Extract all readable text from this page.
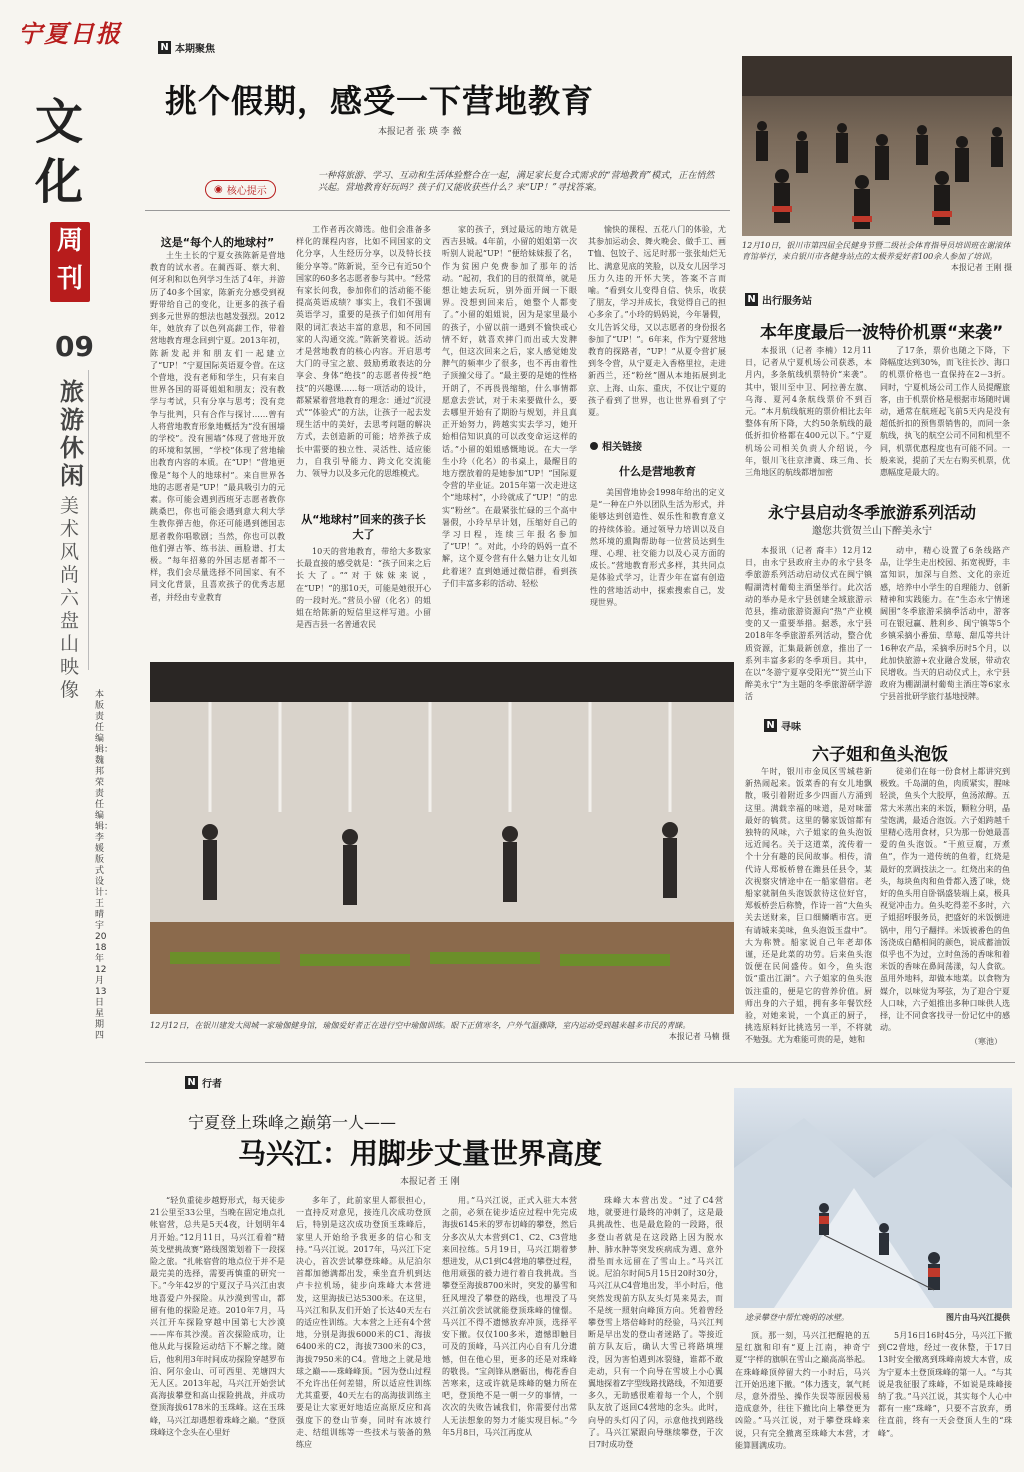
宁夏日报
文化
周刊
09
旅游休闲
美术风尚 六盘山 映像	本版责任编辑：魏邦荣 责任编辑：李 媛 版式设计：王晴宇 2018年12月13日 星期四
N 本期聚焦
挑个假期，感受一下营地教育
本报记者 张 瑛 李 薇
◉ 核心提示
一种将旅游、学习、互动和生活体验整合在一起，满足家长复合式需求的“营地教育”模式，正在悄然兴起。营地教育好玩吗？孩子们又能收获些什么？来“UP！”寻找答案。
这是“每个人的地球村”

土生土长的宁夏女孩陈新是营地教育的试水者。在蔺西哥、蔡大利、何牙利和以色列学习生活了4年，并游历了40多个国家，陈新充分感受到视野带给自己的变化，让更多的孩子看到多元世界的想法也越发强烈。2012年，她放弃了以色列高薪工作，带着营地教育理念回到宁夏。2013年初，陈新发起并和朋友们一起建立了“UP！”宁夏国际英语夏令营。在这个营地，没有老师和学生，只有来自世界各国的哥哥姐姐和朋友；没有教学与考试，只有分享与思考；没有竞争与批判，只有合作与探讨……曾有人将营地教育形象地概括为“没有围墙的学校”。没有围墙”体现了营地开放的环境和氛围，“学校”体现了营地输出教育内容的本质。在“UP！”营地更像是“每个人的地球村”。来自世界各地的志愿者是“UP！”最具吸引力的元素。你可能会遇到西班牙志愿者教你跳桑巴，你也可能会遇到意大利大学生教你弹吉他，你还可能遇到德国志愿者教你唱歌剧；当然，你也可以教他们弹古筝、练书法、画脸谱、打太极。“每年招募的外国志愿者都不一样，我们会尽量选择不同国家、有不同文化背景，且喜欢孩子的优秀志愿者，并经由专业教育

工作者再次筛选。他们会准备多样化的课程内容，比如不同国家的文化分享，人生经历分享，以及特长技能分享等。”陈新说，至今已有近50个国家的60多名志愿者参与其中。“经常有家长问我，参加你们的活动能不能提高英语成绩？事实上，我们不强调英语学习，重要的是孩子们如何用有限的词汇表达丰富的意思，和不同国家的人沟通交流。”陈新笑着说。活动才是营地教育的核心内容。开启思考大门的寻宝之旅、鼓励勇敢表达的分享会、身体“绝技”的志愿者传授“绝技”的兴趣课……每一项活动的设计，都紧紧着营地教育的理念：通过“沉浸式”“体验式”的方法，让孩子一起去发现生活中的美好，去思考问题的解决方式，去创造新的可能；培养孩子成长中需要的独立性、灵活性、适应能力，自我引导能力、跨文化交流能力、领导力以及多元化的思维模式。

从“地球村”回来的孩子长大了

10天的营地教育，带给大多数家长最直接的感受就是：“孩子回来之后长大了。”“对于妹妹来说，在“UP！”的那10天，可能是她很开心的一段时光。”营员小留（化名）的姐姐在给陈新的短信里这样写道。小留是西吉县一名普通农民

家的孩子，到过最远的地方就是西吉县城。4年前，小留的姐姐第一次听别人说起“UP！”便给妹妹报了名，作为贫困户免费参加了那年的活动。“起初，我们的目的很简单，就是想让她去玩玩，别外面开阔一下眼界。没想到回来后，她整个人都变了。”小留的姐姐说，因为是家里最小的孩子，小留以前一遇到不愉快或心情不好，就喜欢摔门而出或大发脾气，但这次回来之后，家人感觉她发脾气的频率少了很多，也不再由着性子顶撞父母了。“最主要的是她的性格开朗了，不再畏畏缩缩，什么事情都愿意去尝试，对于未来要做什么，要去哪里开始有了期盼与规划，并且真正开始努力，跨越实实去学习，她开始相信知识真的可以改变命运这样的话。”小留的姐姐感慨地说。在大一学生小玲（化名）的书桌上，最醒目的地方摆放着的是她参加“UP！”国际夏令营的毕业证。2015年第一次走进这个“地球村”，小玲就成了“UP！”的忠实“粉丝”。在最紧张忙碌的三个高中暑假，小玲早早计划，压缩好自己的学习日程，连续三年报名参加了“UP！”。对此，小玲的妈妈一直不解，这个夏令营有什么魅力让女儿如此着迷？直到她通过微信群，看到孩子们丰富多彩的活动、轻松

愉快的课程、五花八门的体验，尤其参加运动会、舞火晚会、做手工、画T恤、包饺子、远足时那一张张灿烂无比、满意见底的笑脸，以及女儿因学习压力久违的开怀大笑，答案不言而喻。“看到女儿变得自信、快乐，收获了朋友，学习并成长，我觉得自己的担心多余了。”小玲的妈妈说，今年暑假，女儿告诉父母，又以志愿者的身份报名参加了“UP！”。6年来，作为宁夏营地教育的探路者，“UP！”从夏令营扩展到冬令营，从宁夏走入香格里拉，走进新西兰，还“粉丝”圈从本地拓展到北京、上海、山东、重庆，不仅让宁夏的孩子看到了世界，也让世界看到了宁夏。

相关链接
什么是营地教育

美国营地协会1998年给出的定义是“一种在户外以团队生活为形式，并能够达到创造性、娱乐性和教育意义的持续体验。通过领导力培训以及自然环境的熏陶帮助每一位营员达到生理、心理、社交能力以及心灵方面的成长。”营地教育形式多样，其共同点是体验式学习，让青少年在富有创造性的营地活动中，探索搜索自己，发现世界。

12月10日，银川市第四届全民健身节暨二级社会体育指导员培训班在谢滚体育馆举行，来自银川市各健身站点的太极养爱好者100余人参加了培训。
本报记者 王刚 摄
N 出行服务站
本年度最后一波特价机票“来袭”

本报讯（记者 李楠）12月11日，记者从宁夏机场公司获悉，本月内，多条航线机票特价“来袭”。其中，银川至中卫、阿拉善左旗、乌海、夏河4条航线票价不到百元。“本月航线航班的票价相比去年整体有所下降，大约50条航线的最低折扣价格都在400元以下。”宁夏机场公司相关负责人介绍说，今年，银川飞往京津冀、珠三角、长三角地区的航线都增加密

了17条，票价也随之下降，下降幅度达到30%，而飞往长沙、海口的机票价格也一直保持在2－3折。同时，宁夏机场公司工作人员提醒旅客，由于机票价格是根据市场随时调动，通常在航班起飞前5天内是没有超低折扣的预售票销售的，而同一条航线，执飞的航空公司不同和机型不同，机票优惠程度也有可能不同。一般来说，提前了天左右购买机票，优惠幅度是最大的。

永宁县启动冬季旅游系列活动
邀您共赏贺兰山下醉美永宁

本报讯（记者 裔丰）12月12日，由永宁县政府主办的永宁县冬季旅游系列活动启动仪式在闽宁镇帽湖湾村葡萄主酒堡举行。此次活动的举办是永宁县创建全域旅游示范县，推动旅游资源向“热”产业模变的又一重要举措。据悉，永宁县2018年冬季旅游系列活动，整合优质资源，汇集最新创意，推出了一系列丰富多彩的冬季项目。其中，在以“冬游宁夏享受阳光”“贺兰山下醉美永宁”为主题的冬季旅游研学游活

动中，精心设置了6条线路产品，让学生走出校园、拓宽视野，丰富知识，加深与自然、文化的亲近感，培养中小学生的自理能力、创新精神和实践能力。在“生态永宁情迷阔围”冬季旅游采摘季活动中，游客可在银冠赢、胜利乡、闽宁镇等5个乡镇采摘小番茄、草莓、甜瓜等共计16种农产品，采摘季历时5个月，以此加快旅游+农业融合发展，带动农民增收。当天的启动仪式上，永宁县政府为棚湖湖村葡萄主酒庄等6家永宁县首批研学旅行基地授牌。

N 寻味
六子姐和鱼头泡饭

午时，银川市金凤区雪城巷新新热闹起来。饭菜香的有女儿地飘散，吸引着附近多少四面八方涌到这里。满载幸福的味道，是对味蕾最好的犒赏。这里的馨家饭馆都有独特的风味，六子姐家的鱼头泡饭远近闻名。关于这道菜，流传着一个十分有趣的民间故事。相传，清代诗人郑板桥曾在潍县任县令，某次视察灾情途中在一船家借宿。老船家就制鱼头泡饭款待这位好官，郑板桥尝后称赞，作诗一首“大鱼头关去送财来，巨口细鳞晒市宫。更有请城来美味，鱼头泡饭玉盘中”。大为称赞。船家说自己年老却体谨，还是此菜的功劳。后来鱼头泡饭便在民间盛传。如今，鱼头泡饭“重出江湖”。六子姐家的鱼头泡饭注重的，便是它的营养价值。厨师出身的六子姐，拥有多年餐饮经验，对她来说，一个真正的厨子，挑选原料好比挑选另一半，不将就不勉强。尤为难能可贵的是，她和

徒弟们在每一份食材上都讲究到极致。千岛湖的鱼，肉质紧实，腥味轻淡，鱼头个大胶厚，鱼汤浓醇。五常大米蒸出来的米饭，颗粒分明，晶莹饱满，最适合泡饭。六子姐跨越千里精心选用食材，只为那一份她最喜爱的鱼头泡饭。“干煎豆腐，万煮鱼”，作为一道传统的鱼着，红烧是最好的烹调技法之一。红烧出来的鱼头，每块鱼肉和鱼骨都入透了味，烧好的鱼头用自卧锅盛装端上桌，极具视觉冲击力。鱼头吃得差不多时，六子姐招呼服务员，把盛好的米饭倒进锅中，用勺子翻拌。米饭被番色的鱼汤浇成白醋相间的颜色，说成蓄油饭似乎也不为过，立时鱼汤的香味和着米饭的香味在鼻间荡漾，勾人食欲。虽用外地料，却做本地菜。以食物为媒介，以味觉为琴弦，为了迎合宁夏人口味，六子姐推出多种口味供人选择，让不同食客找寻一份记忆中的感动。

（寒池）
12月12日，在银川建发大阅城一家瑜伽健身馆，瑜伽爱好者正在进行空中瑜伽训练。眼下正值寒冬，户外气温骤降，室内运动受到越来越多市民的青睐。
本报记者 马楠 摄
N 行者
宁夏登上珠峰之巅第一人——
马兴江：用脚步丈量世界高度
本报记者 王 刚

“轻负重徒步越野形式，每天徒步21公里至33公里，当晚在固定地点扎帐宿营，总共是5天4夜，计划明年4月开始。”12月11日，马兴江看着“精英戈壁挑战赛”路线图策划着下一段探险之旅。“扎帐宿营的地点位于并不是最完美的选择，需要再慎重的研究一下。”今年42岁的宁夏汉子马兴江由衷地喜爱户外探险。从沙漠到雪山，都留有他的探险足迹。2010年7月，马兴江开车探险穿越中国第七大沙漠——库布其沙漠。首次探险成功，让他从此与探险运动结下不解之缘。随后，他利用3年时间成功探险穿越罗布泊、阿尔金山、可可西里、羌塘四大无人区。2013年起，马兴江开始尝试高海拔攀登和高山探险挑战，并成功登顶海拔6178米的玉珠峰。这在玉珠峰，马兴江却遇想着珠峰之巅。“登顶珠峰这个念头在心里好

多年了，此前家里人都很担心，一直持反对意见，接连几次成功登顶后，特别是这次成功登顶玉珠峰后，家里人开始给予我更多的信心和支持。”马兴江说。2017年，马兴江下定决心，首次尝试攀登珠峰。从尼泊尔首都加德满都出发，乘坐直升机到达卢卡拉机场，徒步向珠峰大本营进发，这里海拔已达5300米。在这里，马兴江和队友们开始了长达40天左右的适应性训练。大本营之上还有4个营地，分别是海拔6000米的C1、海拔6400米的C2，海拔7300米的C3，海拔7950米的C4。营地之上就是地球之巅——珠峰峰顶。“因为登山过程不允许出任何差错，所以适应性训练尤其重要，40天左右的高海拔训练主要是让大家更好地适应高原反应和高强度下的登山节奏，同时有冰坡行走、结组训练等一些技术与装备的熟练应

用。”马兴江说，正式入驻大本营之前，必须在徒步适应过程中先完成海拔6145米的罗布切峰的攀登，然后分多次从大本营到C1、C2、C3营地来回拉练。5月19日，马兴江期着梦想进发，从C1到C4营地的攀登过程，他用顽强的毅力进行着自我挑战。当攀登至海拔8700米时，突发的暴雪和狂风埋没了攀登的路线，也埋没了马兴江前次尝试就能登顶珠峰的憧憬。马兴江不得不遗憾放弃冲顶，选择平安下撤。仅仅100多米，遗憾即触目可及的顶峰，马兴江内心自有几分遗憾，但在他心里，更多的还是对珠峰的敬畏。“宝剑锋从磨砺出，梅花香自苦寒来，这或许就是珠峰的魅力所在吧，登顶绝不是一朝一夕的事情，一次次的失败告诫我们，你需要付出常人无法想象的努力才能实现目标。”今年5月8日，马兴江再度从

珠峰大本营出发。“过了C4营地，就要进行最终的冲刺了，这是最具挑战性、也是最危险的一段路，很多登山者就是在这段路上因为脱水肿、肺水肿等突发疾病成为遇、意外滑坠而永远留在了雪山上。”马兴江说。尼泊尔时间5月15日20时30分，马兴江从C4营地出发，半小时后，他突然发现前方队友头灯晃来晃去，而不是统一照射向峰顶方向。凭着曾经攀登雪上塔倍峰时的经验，马兴江判断是早出发的登山者迷路了。等接近前方队友后，确认大雪已将路填埋没，因为害怕遇到冰裂缝，谁都不敢走动，只有一个向导在雪坡上小心翼翼地探着Z字型线路找路线，不知道要多久，无助感很难着每一个人，个别队友放了返回C4营地的念头。此时，向导的头灯闪了闪，示意他找到路线了。马兴江紧跟向导继续攀登，于次日7时成功登

途录攀登中帮忙晚明的冰壁。	图片由马兴江提供

顶。那一刻，马兴江把醒艳的五星红旗和印有“夏上江南，神奇宁夏”字样的旗帜在雪山之巅高高举起。在珠峰峰顶停留大约一小时后，马兴江开始迅速下撤。“体力透支，氧气耗尽，意外滑坠、操作失误等原因极易造成意外，往往下撤比向上攀登更为凶险。”马兴江说，对于攀登珠峰来说，只有完全撤离至珠峰大本营，才能算圆满成功。

5月16日16时45分，马兴江下撤到C2营地，经过一夜休整，于17日13时安全撤离到珠峰南坡大本营，成为宁夏本土登顶珠峰的第一人。“与其说是我征服了珠峰，不如说是珠峰接纳了我。”马兴江说，其实每个人心中都有一座“珠峰”，只要不言放弃，勇往直前，终有一天会登顶人生的“珠峰”。
